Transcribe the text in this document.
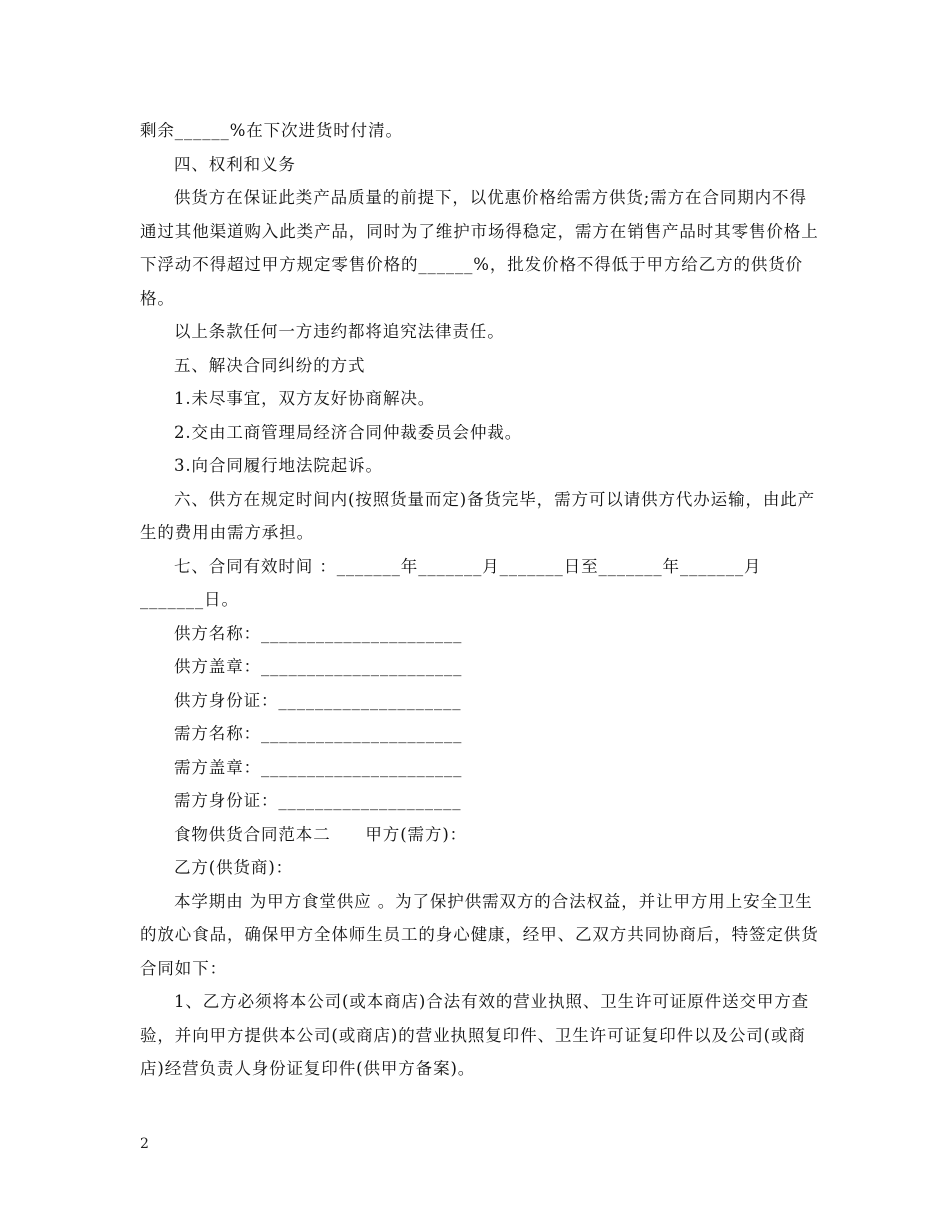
剩余______%在下次进货时付清。

四、权利和义务

供货方在保证此类产品质量的前提下，以优惠价格给需方供货;需方在合同期内不得通过其他渠道购入此类产品，同时为了维护市场得稳定，需方在销售产品时其零售价格上下浮动不得超过甲方规定零售价格的______%，批发价格不得低于甲方给乙方的供货价格。

以上条款任何一方违约都将追究法律责任。

五、解决合同纠纷的方式

1.未尽事宜，双方友好协商解决。

2.交由工商管理局经济合同仲裁委员会仲裁。

3.向合同履行地法院起诉。

六、供方在规定时间内(按照货量而定)备货完毕，需方可以请供方代办运输，由此产生的费用由需方承担。

七、合同有效时间 ：_______年_______月_______日至_______年_______月_______日。

供方名称：______________________

供方盖章：______________________

供方身份证：____________________

需方名称：______________________

需方盖章：______________________

需方身份证：____________________

食物供货合同范本二　　甲方(需方)：

乙方(供货商)：

本学期由 为甲方食堂供应 。为了保护供需双方的合法权益，并让甲方用上安全卫生的放心食品，确保甲方全体师生员工的身心健康，经甲、乙双方共同协商后，特签定供货合同如下：

1、乙方必须将本公司(或本商店)合法有效的营业执照、卫生许可证原件送交甲方查验，并向甲方提供本公司(或商店)的营业执照复印件、卫生许可证复印件以及公司(或商店)经营负责人身份证复印件(供甲方备案)。

2
